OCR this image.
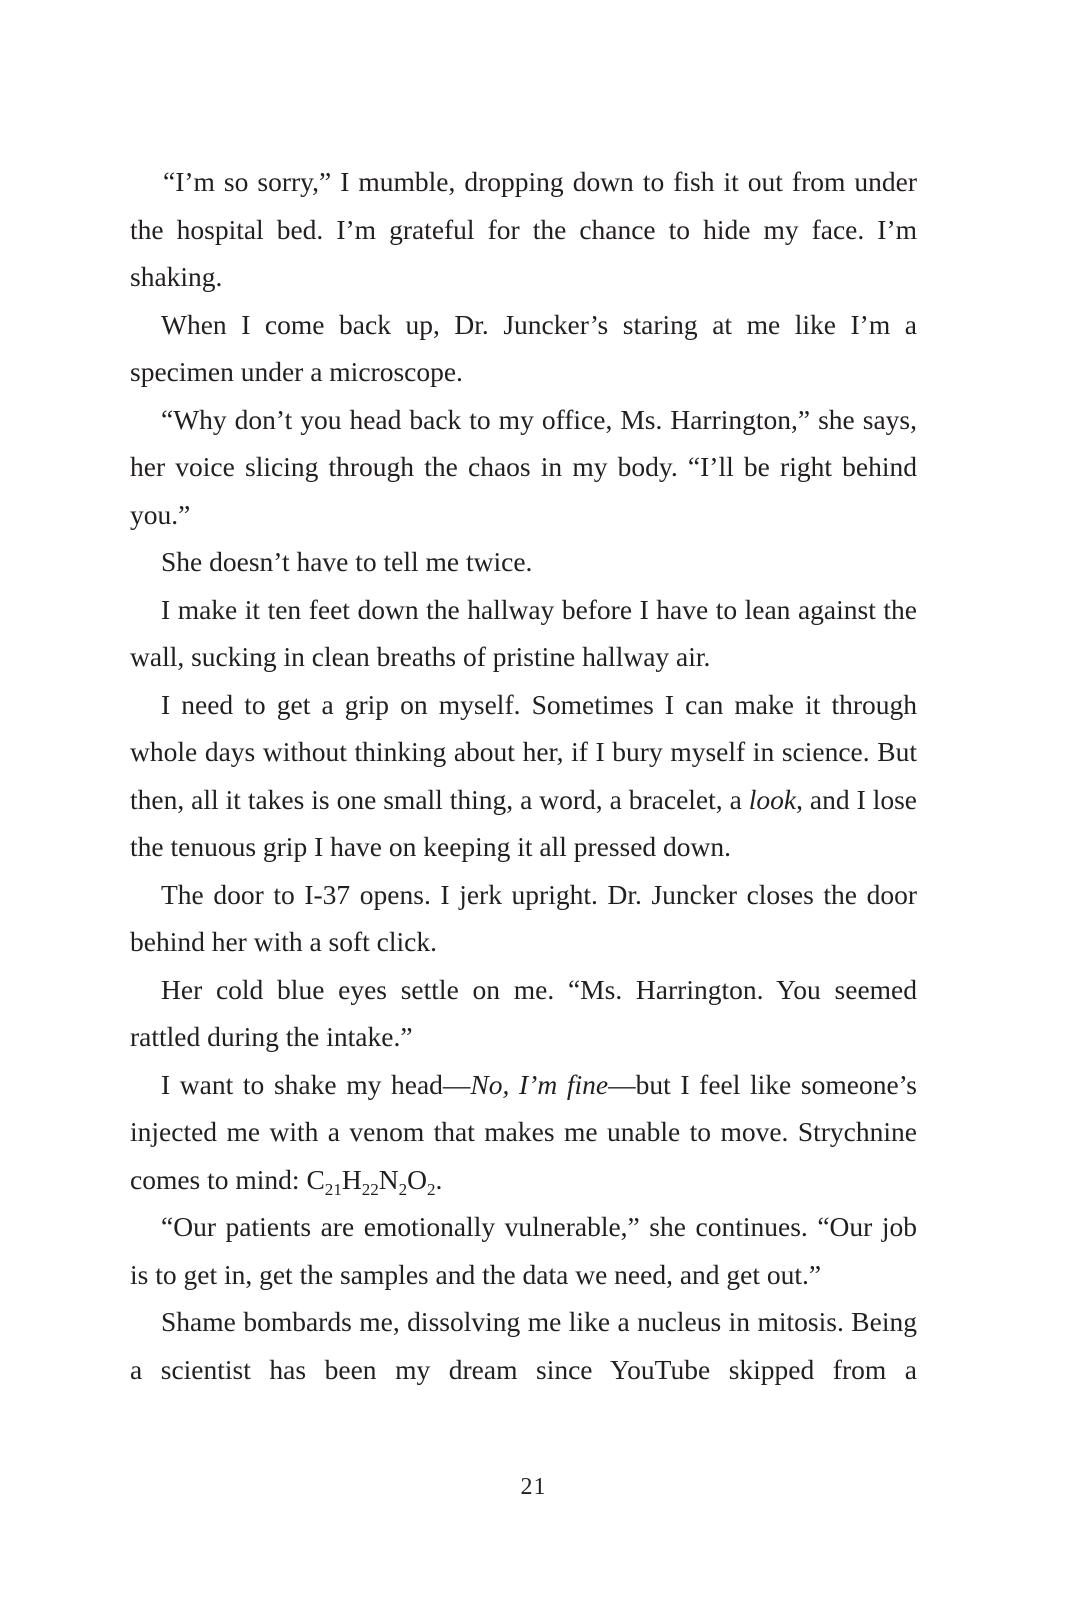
“I’m so sorry,” I mumble, dropping down to fish it out from under the hospital bed. I’m grateful for the chance to hide my face. I’m shaking.

When I come back up, Dr. Juncker’s staring at me like I’m a specimen under a microscope.

“Why don’t you head back to my office, Ms. Harrington,” she says, her voice slicing through the chaos in my body. “I’ll be right behind you.”

She doesn’t have to tell me twice.

I make it ten feet down the hallway before I have to lean against the wall, sucking in clean breaths of pristine hallway air.

I need to get a grip on myself. Sometimes I can make it through whole days without thinking about her, if I bury myself in science. But then, all it takes is one small thing, a word, a bracelet, a look, and I lose the tenuous grip I have on keeping it all pressed down.

The door to I-37 opens. I jerk upright. Dr. Juncker closes the door behind her with a soft click.

Her cold blue eyes settle on me. “Ms. Harrington. You seemed rattled during the intake.”

I want to shake my head—No, I’m fine—but I feel like someone’s injected me with a venom that makes me unable to move. Strychnine comes to mind: $C_{21}H_{22}N_2O_2$.

“Our patients are emotionally vulnerable,” she continues. “Our job is to get in, get the samples and the data we need, and get out.”

Shame bombards me, dissolving me like a nucleus in mitosis. Being a scientist has been my dream since YouTube skipped from a

21
